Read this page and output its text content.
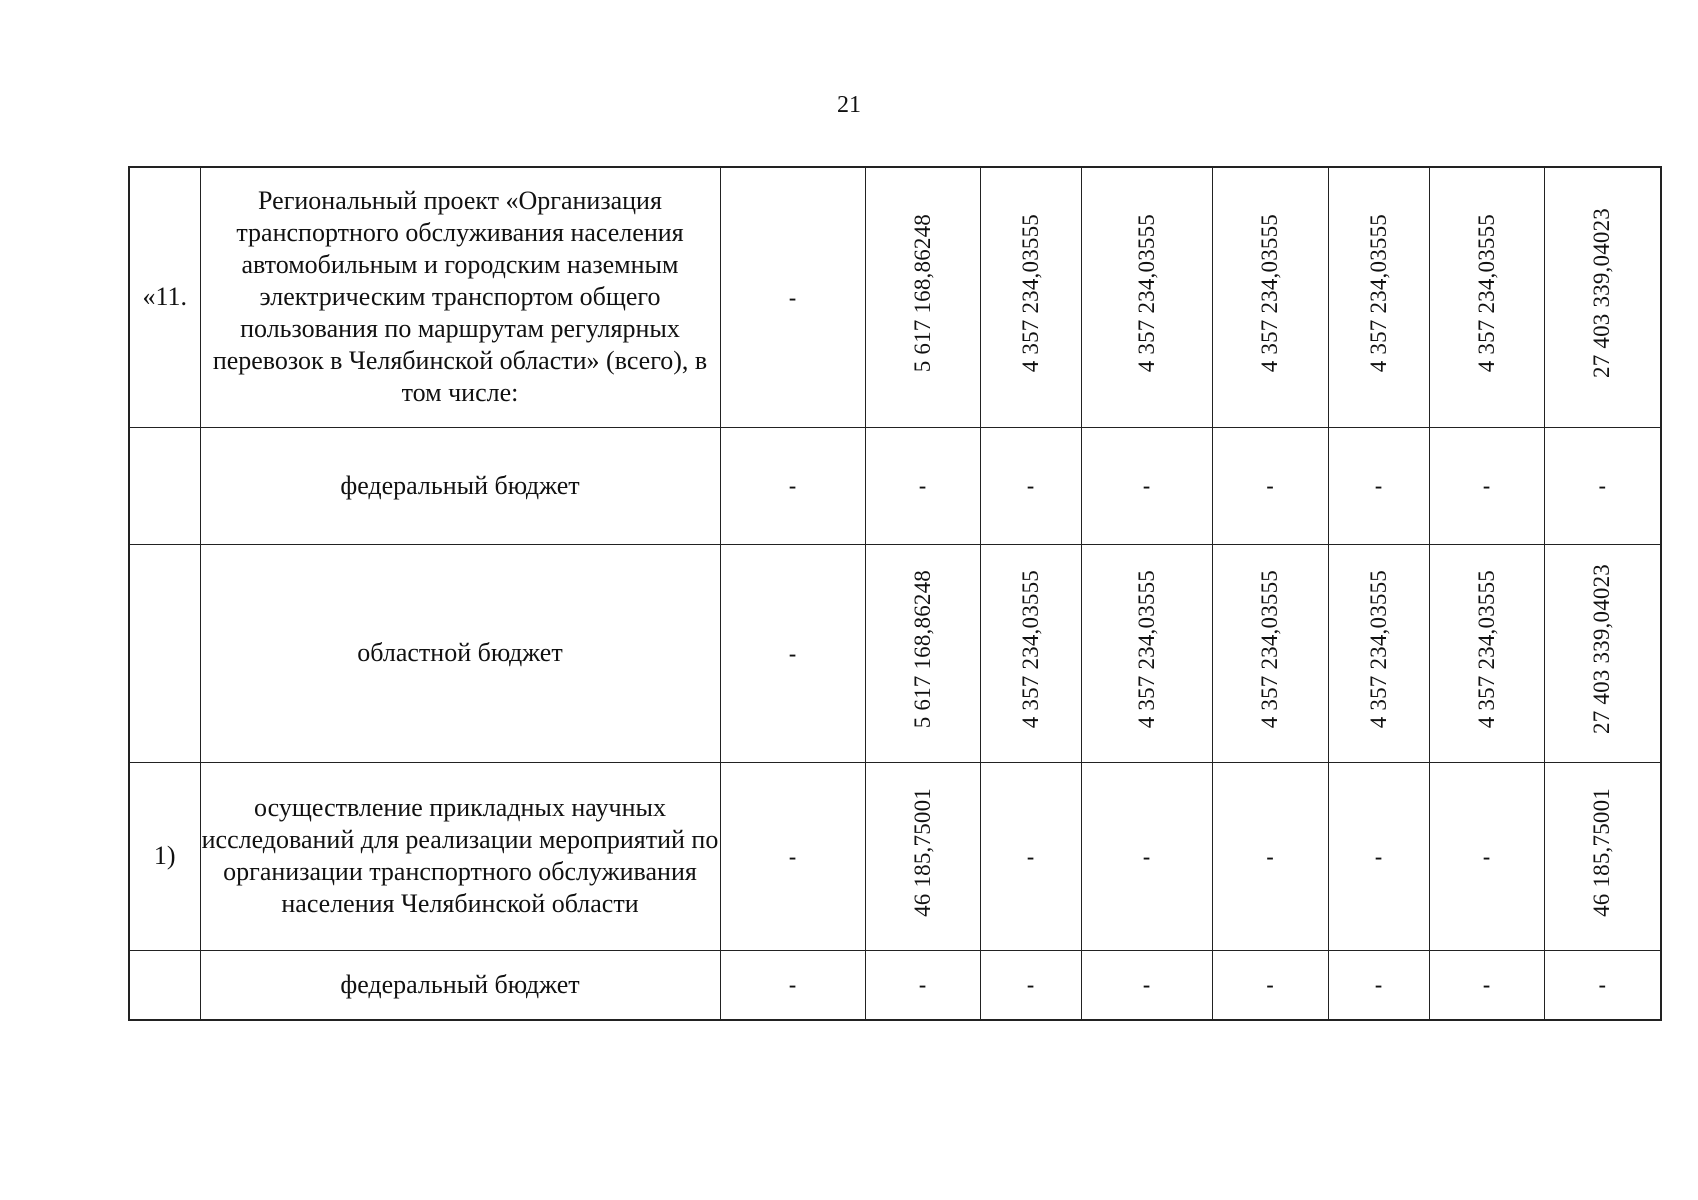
21
«11.	Региональный проект «Организация транспортного обслуживания населения автомобильным и городским наземным электрическим транспортом общего пользования по маршрутам регулярных перевозок в Челябинской области» (всего), в том числе:	-	5 617 168,86248	4 357 234,03555	4 357 234,03555	4 357 234,03555	4 357 234,03555	4 357 234,03555	27 403 339,04023
	федеральный бюджет	-	-	-	-	-	-	-	-
	областной бюджет	-	5 617 168,86248	4 357 234,03555	4 357 234,03555	4 357 234,03555	4 357 234,03555	4 357 234,03555	27 403 339,04023
1)	осуществление прикладных научных исследований для реализации мероприятий по организации транспортного обслуживания населения Челябинской области	-	46 185,75001	-	-	-	-	-	46 185,75001
	федеральный бюджет	-	-	-	-	-	-	-	-
